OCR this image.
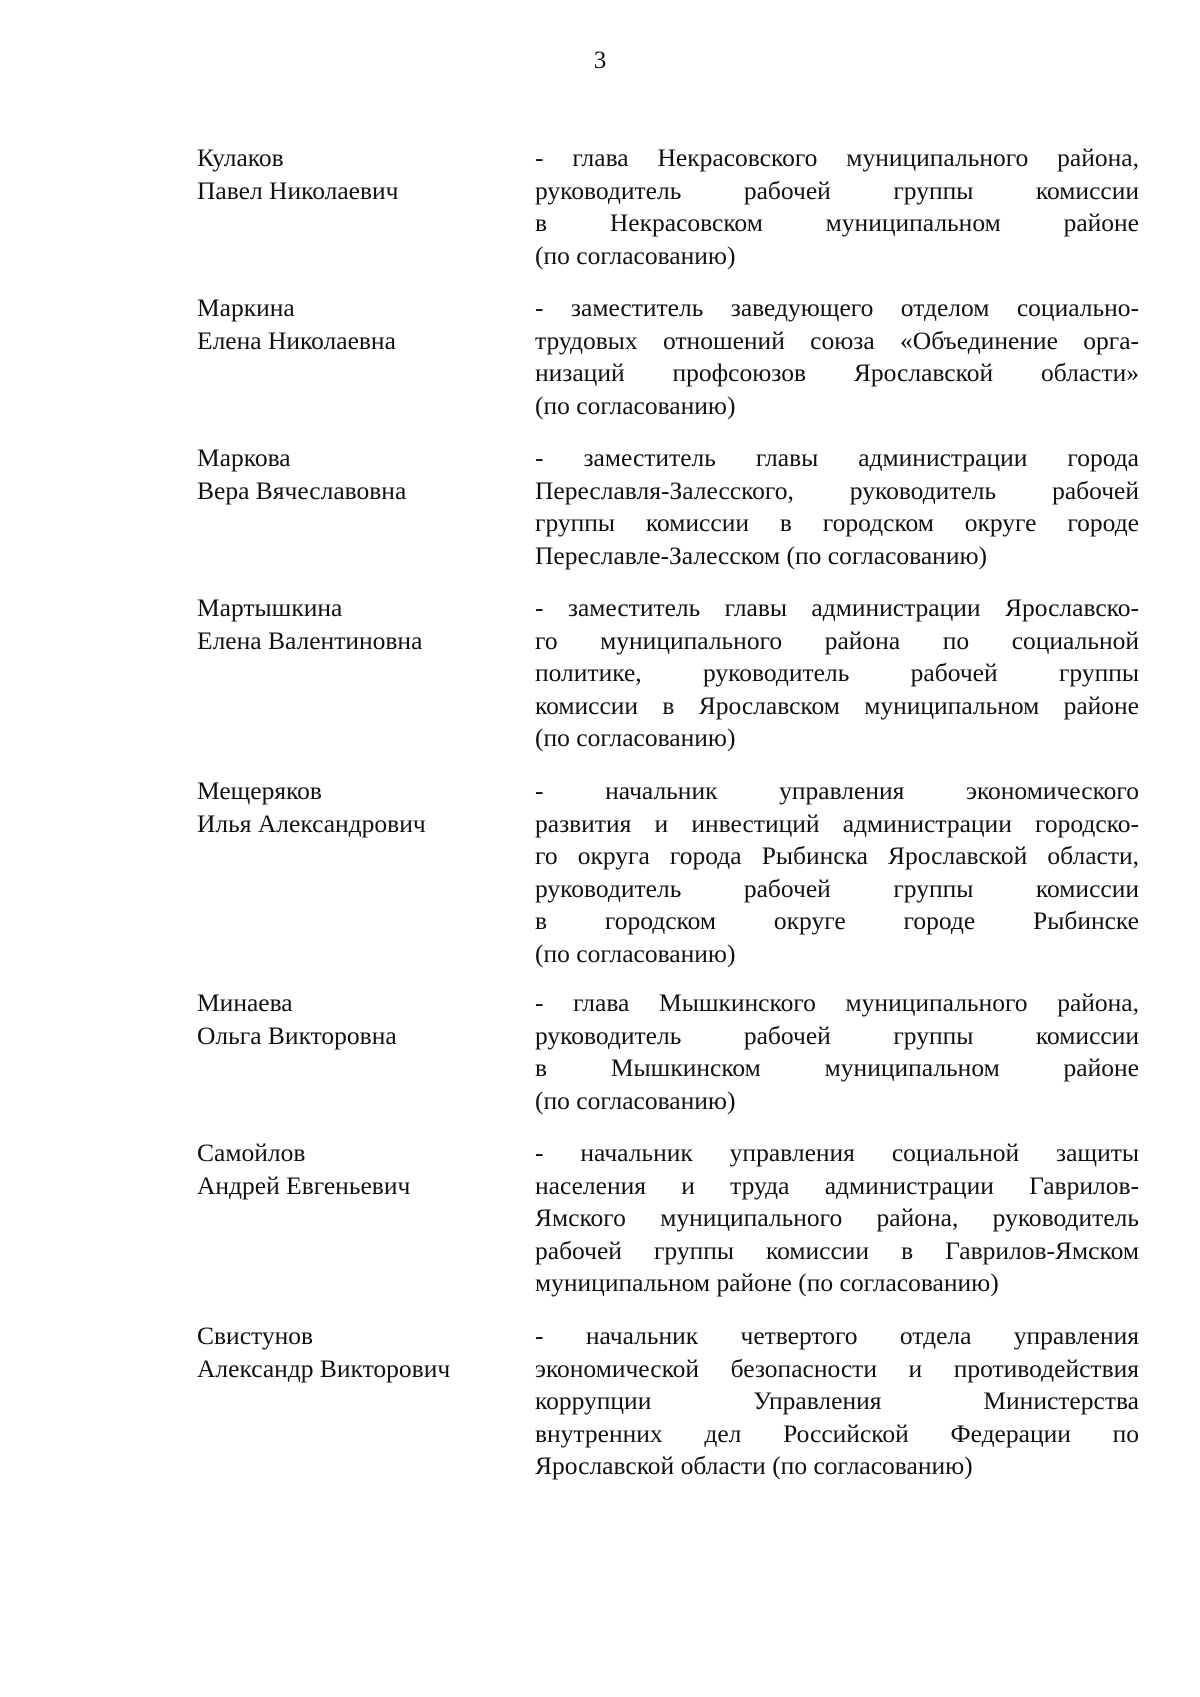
3
Кулаков
Павел Николаевич
- глава Некрасовского муниципального района,
руководитель рабочей группы комиссии
в Некрасовском муниципальном районе
(по согласованию)
Маркина
Елена Николаевна
- заместитель заведующего отделом социально-
трудовых отношений союза «Объединение орга-
низаций профсоюзов Ярославской области»
(по согласованию)
Маркова
Вера Вячеславовна
- заместитель главы администрации города
Переславля-Залесского, руководитель рабочей
группы комиссии в городском округе городе
Переславле-Залесском (по согласованию)
Мартышкина
Елена Валентиновна
- заместитель главы администрации Ярославско-
го муниципального района по социальной
политике, руководитель рабочей группы
комиссии в Ярославском муниципальном районе
(по согласованию)
Мещеряков
Илья Александрович
- начальник управления экономического
развития и инвестиций администрации городско-
го округа города Рыбинска Ярославской области,
руководитель рабочей группы комиссии
в городском округе городе Рыбинске
(по согласованию)
Минаева
Ольга Викторовна
- глава Мышкинского муниципального района,
руководитель рабочей группы комиссии
в Мышкинском муниципальном районе
(по согласованию)
Самойлов
Андрей Евгеньевич
- начальник управления социальной защиты
населения и труда администрации Гаврилов-
Ямского муниципального района, руководитель
рабочей группы комиссии в Гаврилов-Ямском
муниципальном районе (по согласованию)
Свистунов
Александр Викторович
- начальник четвертого отдела управления
экономической безопасности и противодействия
коррупции Управления Министерства
внутренних дел Российской Федерации по
Ярославской области (по согласованию)
